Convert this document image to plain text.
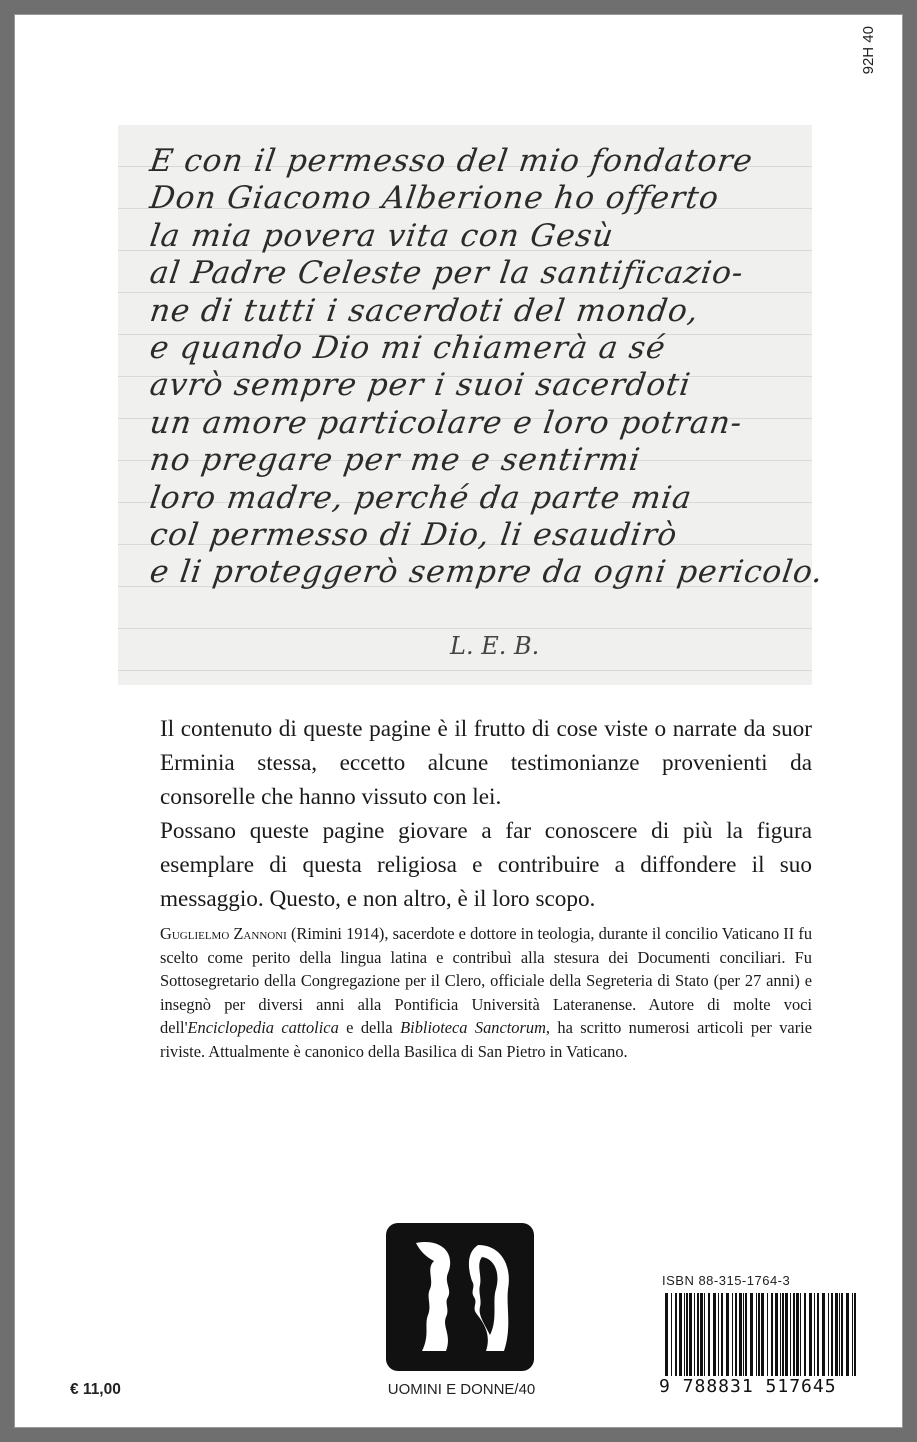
92H 40
E con il permesso del mio fondatore
Don Giacomo Alberione ho offerto
la mia povera vita con Gesù
al Padre Celeste per la santificazio-
ne di tutti i sacerdoti del mondo,
e quando Dio mi chiamerà a sé
avrò sempre per i suoi sacerdoti
un amore particolare e loro potran-
no pregare per me e sentirmi
loro madre, perché da parte mia
col permesso di Dio, li esaudirò
e li proteggerò sempre da ogni pericolo.
L. E. B.

Il contenuto di queste pagine è il frutto di cose viste o narrate da suor Erminia stessa, eccetto alcune testimonianze provenienti da consorelle che hanno vissuto con lei.

Possano queste pagine giovare a far conoscere di più la figura esemplare di questa religiosa e contribuire a diffondere il suo messaggio. Questo, e non altro, è il loro scopo.

Guglielmo Zannoni (Rimini 1914), sacerdote e dottore in teologia, durante il concilio Vaticano II fu scelto come perito della lingua latina e contribuì alla stesura dei Documenti conciliari. Fu Sottosegretario della Congregazione per il Clero, officiale della Segreteria di Stato (per 27 anni) e insegnò per diversi anni alla Pontificia Università Lateranense. Autore di molte voci dell'Enciclopedia cattolica e della Biblioteca Sanctorum, ha scritto numerosi articoli per varie riviste. Attualmente è canonico della Basilica di San Pietro in Vaticano.
UOMINI E DONNE/40
€ 11,00
ISBN 88-315-1764-3
9 788831 517645
